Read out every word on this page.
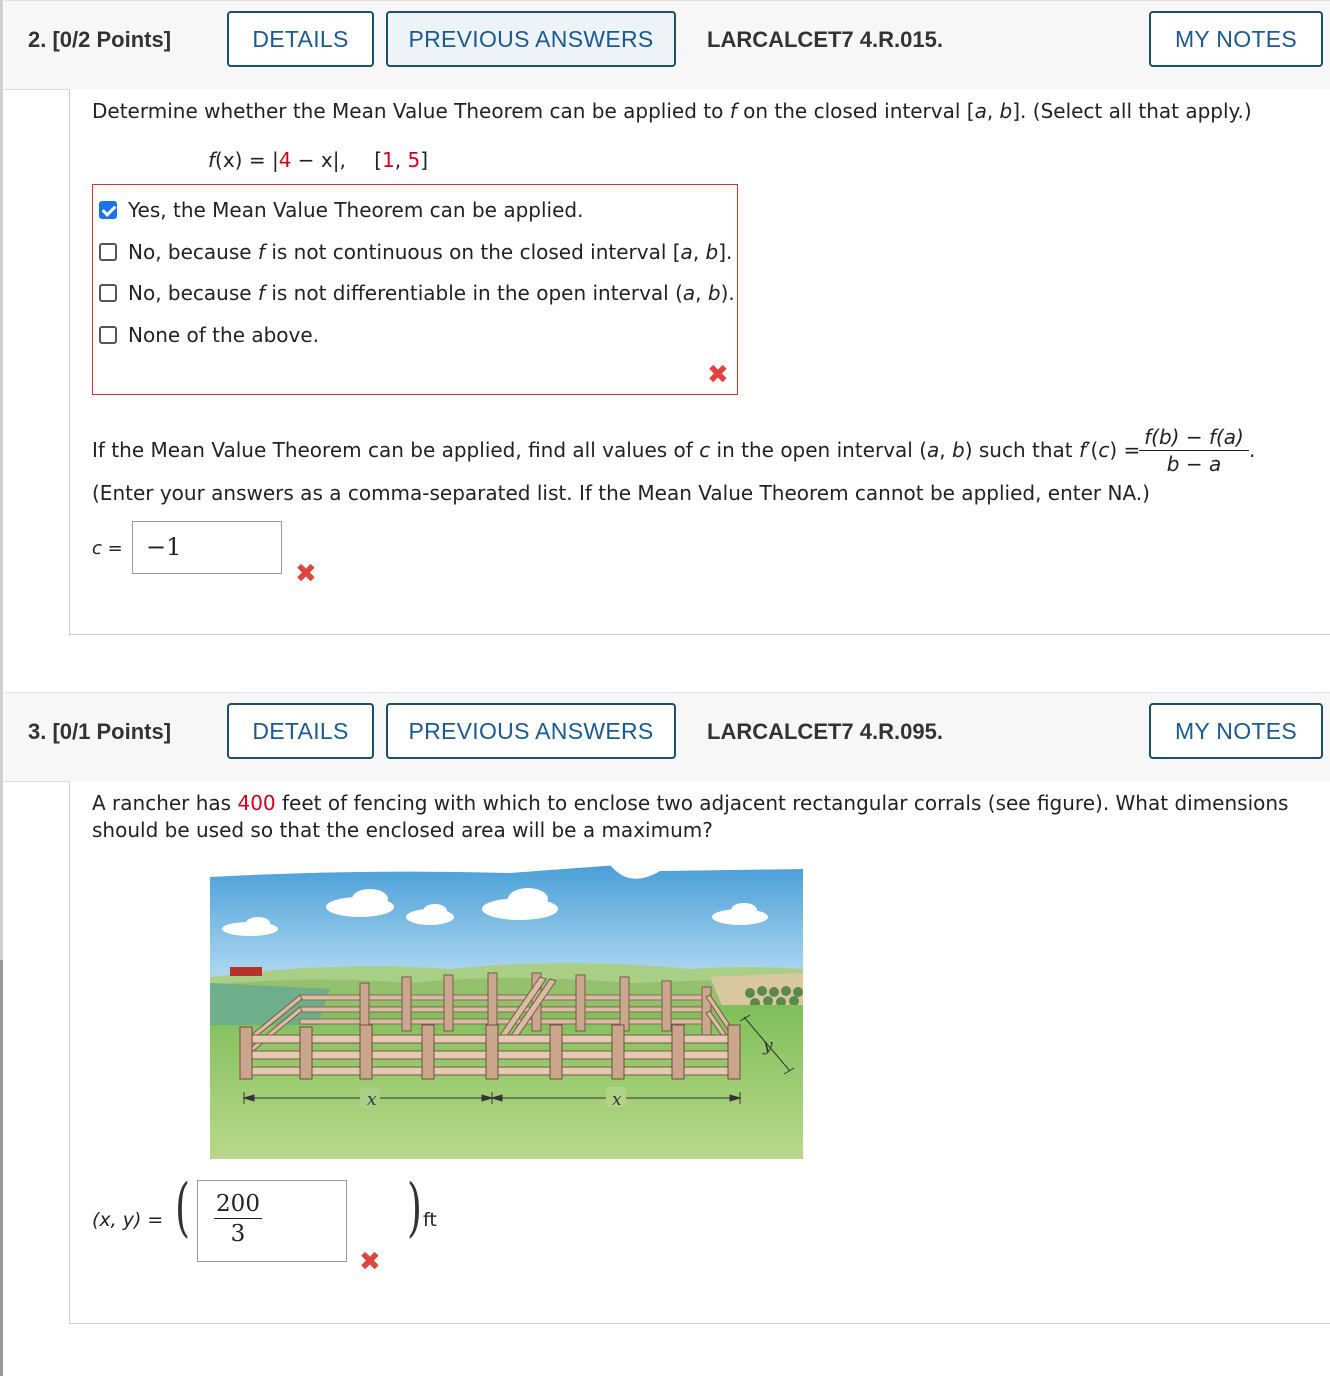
2. [0/2 Points]	DETAILS	PREVIOUS ANSWERS	LARCALCET7 4.R.015.	MY NOTES
Determine whether the Mean Value Theorem can be applied to f on the closed interval [a, b]. (Select all that apply.)
f(x) = |4 − x|, [1, 5]
Yes, the Mean Value Theorem can be applied.
No, because f is not continuous on the closed interval [a, b].
No, because f is not differentiable in the open interval (a, b).
None of the above.
✖
If the Mean Value Theorem can be applied, find all values of c in the open interval (a, b) such that f′(c) =
$\frac{f(b) - f(a)}{b - a}$ .
(Enter your answers as a comma-separated list. If the Mean Value Theorem cannot be applied, enter NA.)
c = −1
✖
3. [0/1 Points]	DETAILS	PREVIOUS ANSWERS	LARCALCET7 4.R.095.	MY NOTES
A rancher has 400 feet of fencing with which to enclose two adjacent rectangular corrals (see figure). What dimensions
should be used so that the enclosed area will be a maximum?
x	x
y
(x, y) = ( $\frac{200}{3}$
✖
) ft
